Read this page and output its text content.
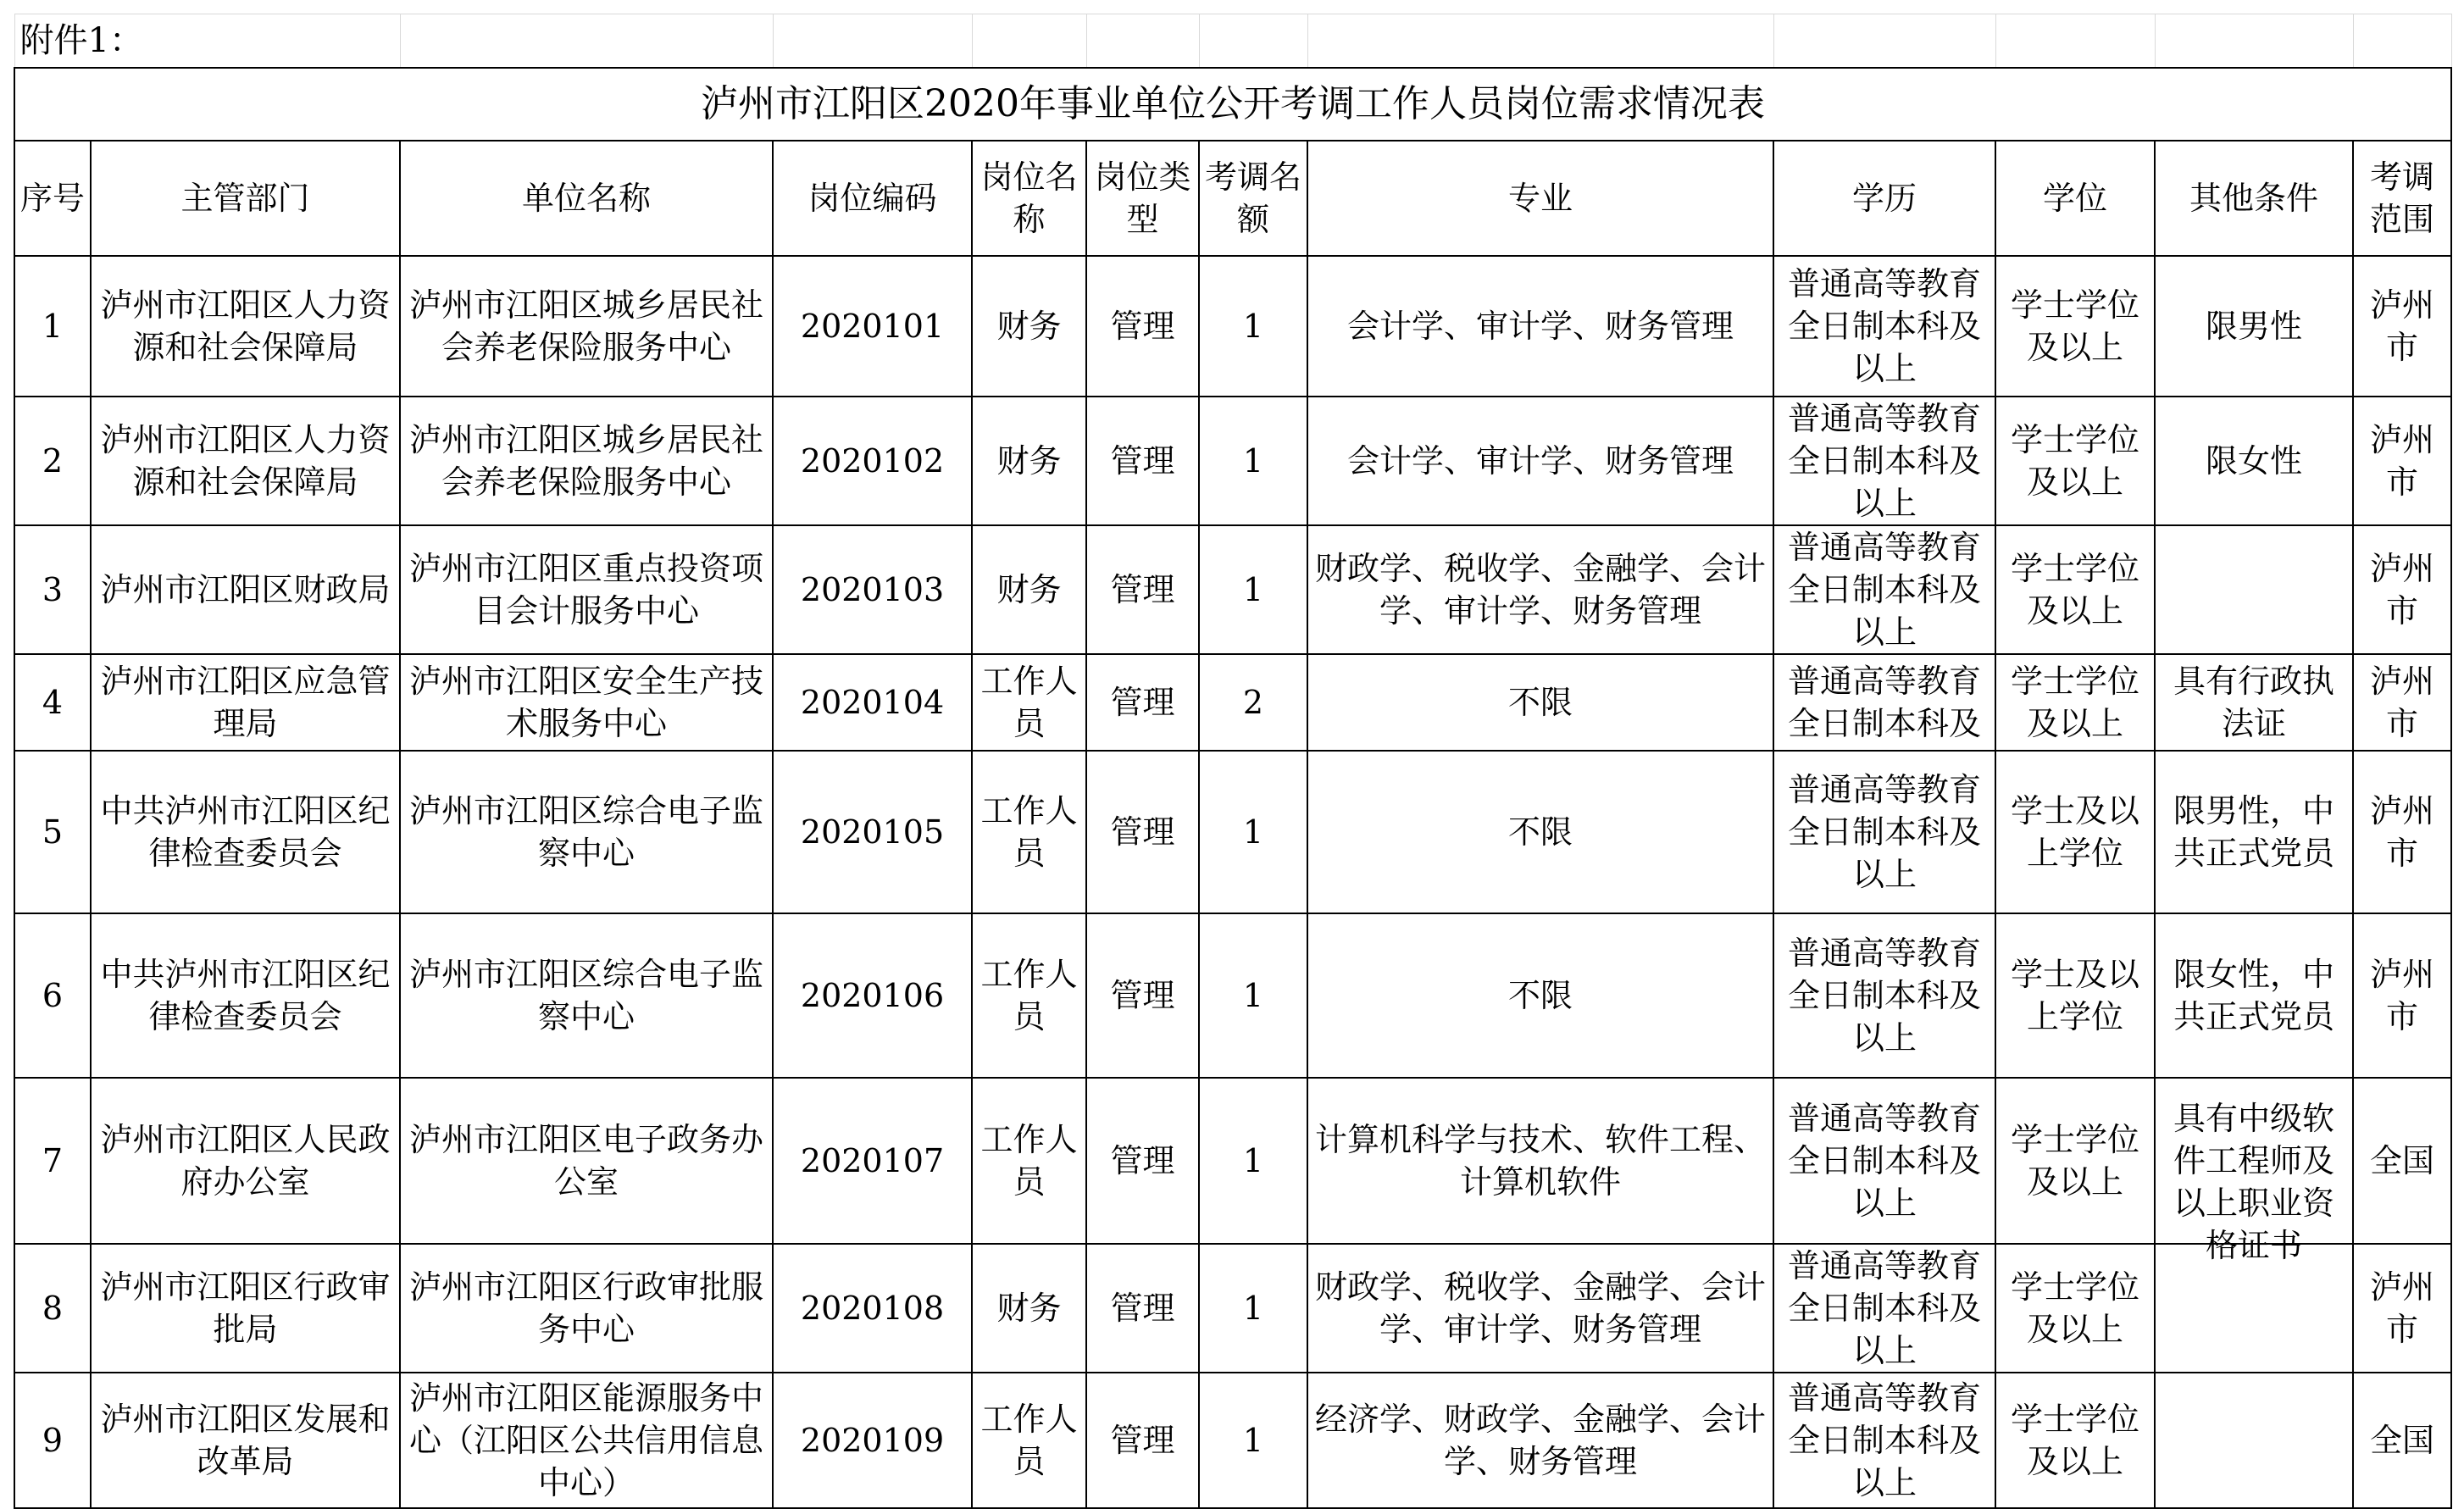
附件1：											
泸州市江阳区2020年事业单位公开考调工作人员岗位需求情况表											
序号	主管部门	单位名称	岗位编码	岗位名称	岗位类型	考调名额	专业	学历	学位	其他条件	考调范围

1	泸州市江阳区人力资源和社会保障局	泸州市江阳区城乡居民社会养老保险服务中心	2020101	财务	管理	1	会计学、审计学、财务管理	普通高等教育全日制本科及以上	学士学位及以上	限男性	泸州市

2	泸州市江阳区人力资源和社会保障局	泸州市江阳区城乡居民社会养老保险服务中心	2020102	财务	管理	1	会计学、审计学、财务管理	普通高等教育全日制本科及以上	学士学位及以上	限女性	泸州市

3	泸州市江阳区财政局	泸州市江阳区重点投资项目会计服务中心	2020103	财务	管理	1	财政学、税收学、金融学、会计学、审计学、财务管理	普通高等教育全日制本科及以上	学士学位及以上		泸州市

4	泸州市江阳区应急管理局	泸州市江阳区安全生产技术服务中心	2020104	工作人员	管理	2	不限	普通高等教育全日制本科及	学士学位及以上	具有行政执法证	泸州市

5	中共泸州市江阳区纪律检查委员会	泸州市江阳区综合电子监察中心	2020105	工作人员	管理	1	不限	普通高等教育全日制本科及以上	学士及以上学位	限男性，中共正式党员	泸州市

6	中共泸州市江阳区纪律检查委员会	泸州市江阳区综合电子监察中心	2020106	工作人员	管理	1	不限	普通高等教育全日制本科及以上	学士及以上学位	限女性，中共正式党员	泸州市

7	泸州市江阳区人民政府办公室	泸州市江阳区电子政务办公室	2020107	工作人员	管理	1	计算机科学与技术、软件工程、计算机软件	普通高等教育全日制本科及以上	学士学位及以上	具有中级软件工程师及以上职业资格证书	全国

8	泸州市江阳区行政审批局	泸州市江阳区行政审批服务中心	2020108	财务	管理	1	财政学、税收学、金融学、会计学、审计学、财务管理	普通高等教育全日制本科及以上	学士学位及以上		泸州市

9	泸州市江阳区发展和改革局	泸州市江阳区能源服务中心（江阳区公共信用信息中心）	2020109	工作人员	管理	1	经济学、财政学、金融学、会计学、财务管理	普通高等教育全日制本科及以上	学士学位及以上		全国
